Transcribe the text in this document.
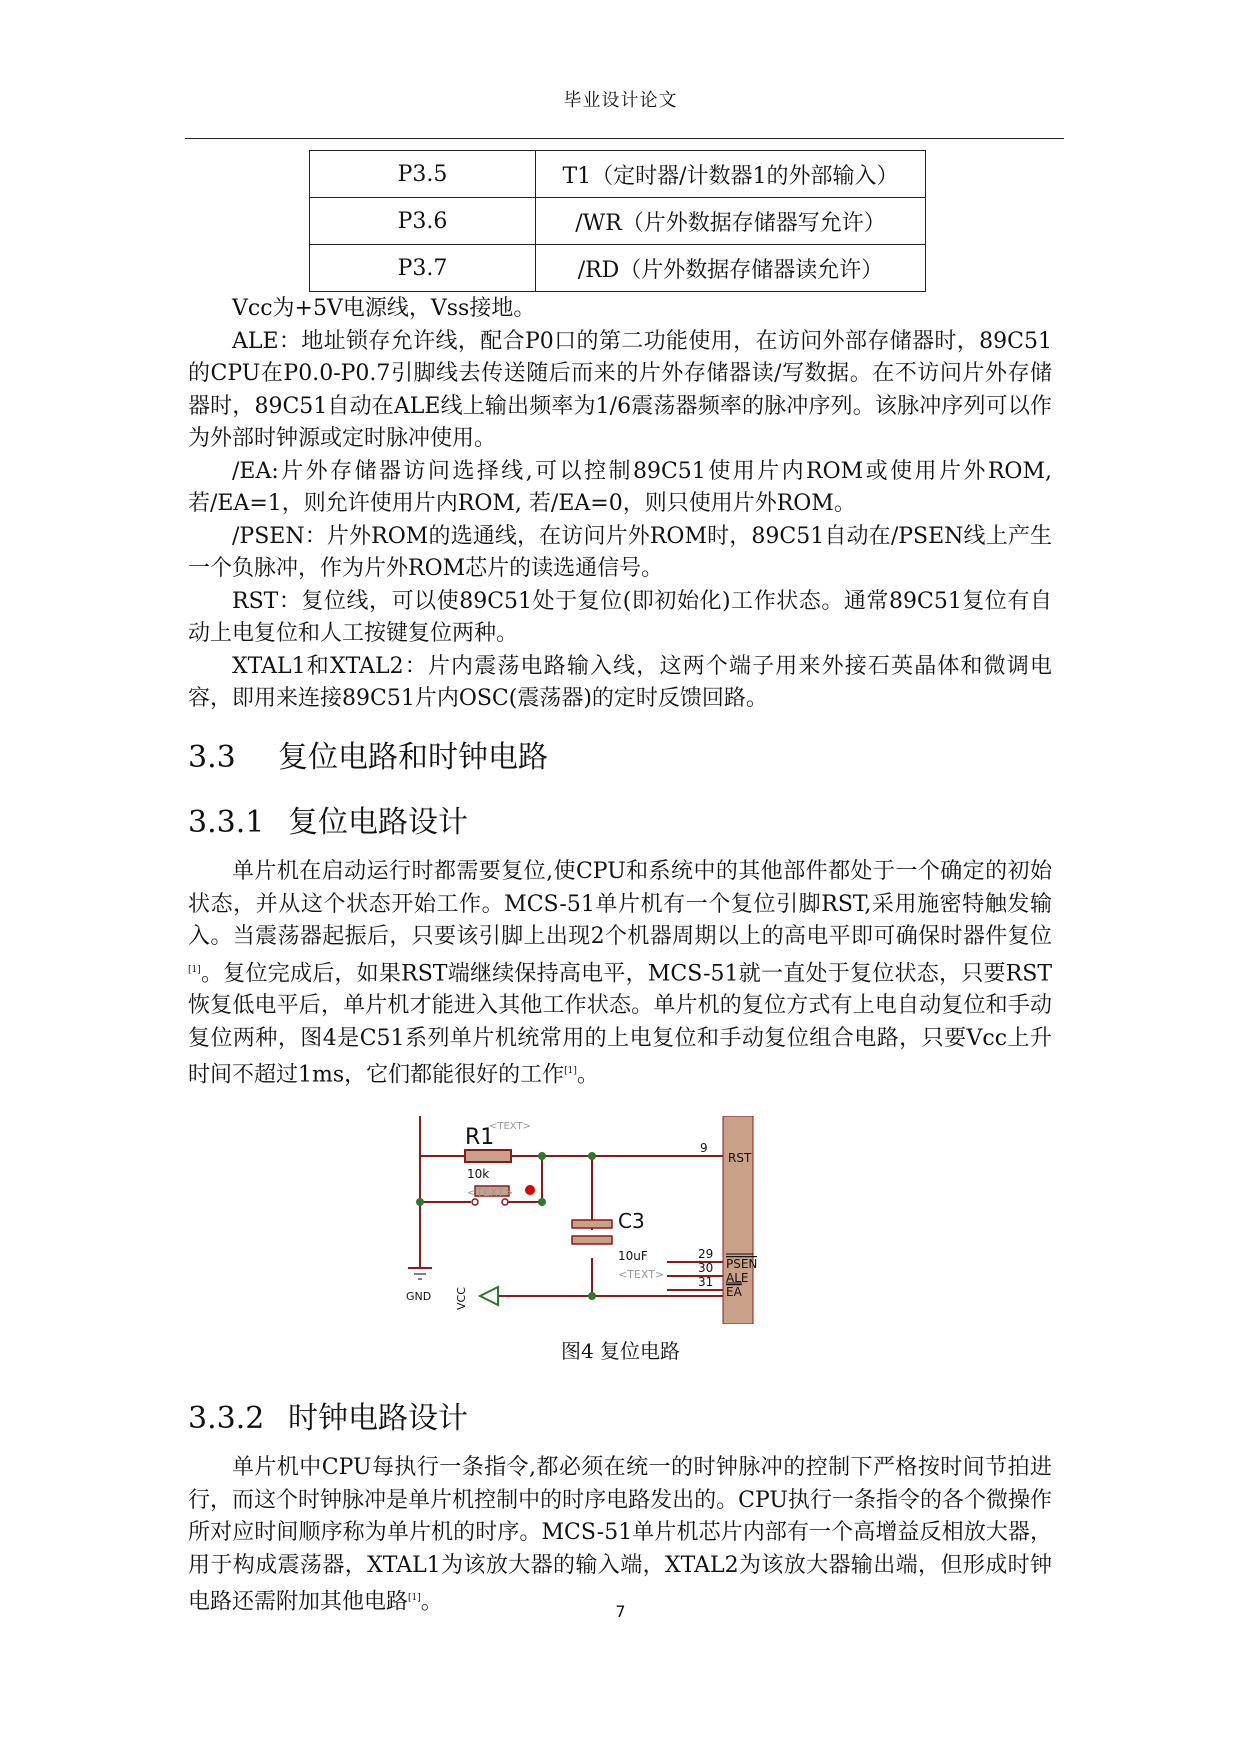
毕业设计论文
P3.5	T1（定时器/计数器1的外部输入）
P3.6	/WR（片外数据存储器写允许）
P3.7	/RD（片外数据存储器读允许）

Vcc为+5V电源线，Vss接地。

ALE：地址锁存允许线，配合P0口的第二功能使用，在访问外部存储器时，89C51的CPU在P0.0-P0.7引脚线去传送随后而来的片外存储器读/写数据。在不访问片外存储器时，89C51自动在ALE线上输出频率为1/6震荡器频率的脉冲序列。该脉冲序列可以作为外部时钟源或定时脉冲使用。

/EA:片外存储器访问选择线,可以控制89C51使用片内ROM或使用片外ROM,若/EA=1，则允许使用片内ROM, 若/EA=0，则只使用片外ROM。

/PSEN：片外ROM的选通线，在访问片外ROM时，89C51自动在/PSEN线上产生一个负脉冲，作为片外ROM芯片的读选通信号。

RST：复位线，可以使89C51处于复位(即初始化)工作状态。通常89C51复位有自动上电复位和人工按键复位两种。

XTAL1和XTAL2：片内震荡电路输入线，这两个端子用来外接石英晶体和微调电容，即用来连接89C51片内OSC(震荡器)的定时反馈回路。

3.3 复位电路和时钟电路
3.3.1 复位电路设计

单片机在启动运行时都需要复位,使CPU和系统中的其他部件都处于一个确定的初始状态，并从这个状态开始工作。MCS-51单片机有一个复位引脚RST,采用施密特触发输入。当震荡器起振后，只要该引脚上出现2个机器周期以上的高电平即可确保时器件复位[1]。复位完成后，如果RST端继续保持高电平，MCS-51就一直处于复位状态，只要RST恢复低电平后，单片机才能进入其他工作状态。单片机的复位方式有上电自动复位和手动复位两种，图4是C51系列单片机统常用的上电复位和手动复位组合电路，只要Vcc上升时间不超过1ms，它们都能很好的工作[1]。

R1
<TEXT>
10k
<TEXT>
C3
10uF
<TEXT>
GND VCC
9
29
30
31
RST
PSEN
ALE
EA
图4 复位电路
3.3.2 时钟电路设计

单片机中CPU每执行一条指令,都必须在统一的时钟脉冲的控制下严格按时间节拍进行，而这个时钟脉冲是单片机控制中的时序电路发出的。CPU执行一条指令的各个微操作所对应时间顺序称为单片机的时序。MCS-51单片机芯片内部有一个高增益反相放大器，用于构成震荡器，XTAL1为该放大器的输入端，XTAL2为该放大器输出端，但形成时钟电路还需附加其他电路[1]。	7
